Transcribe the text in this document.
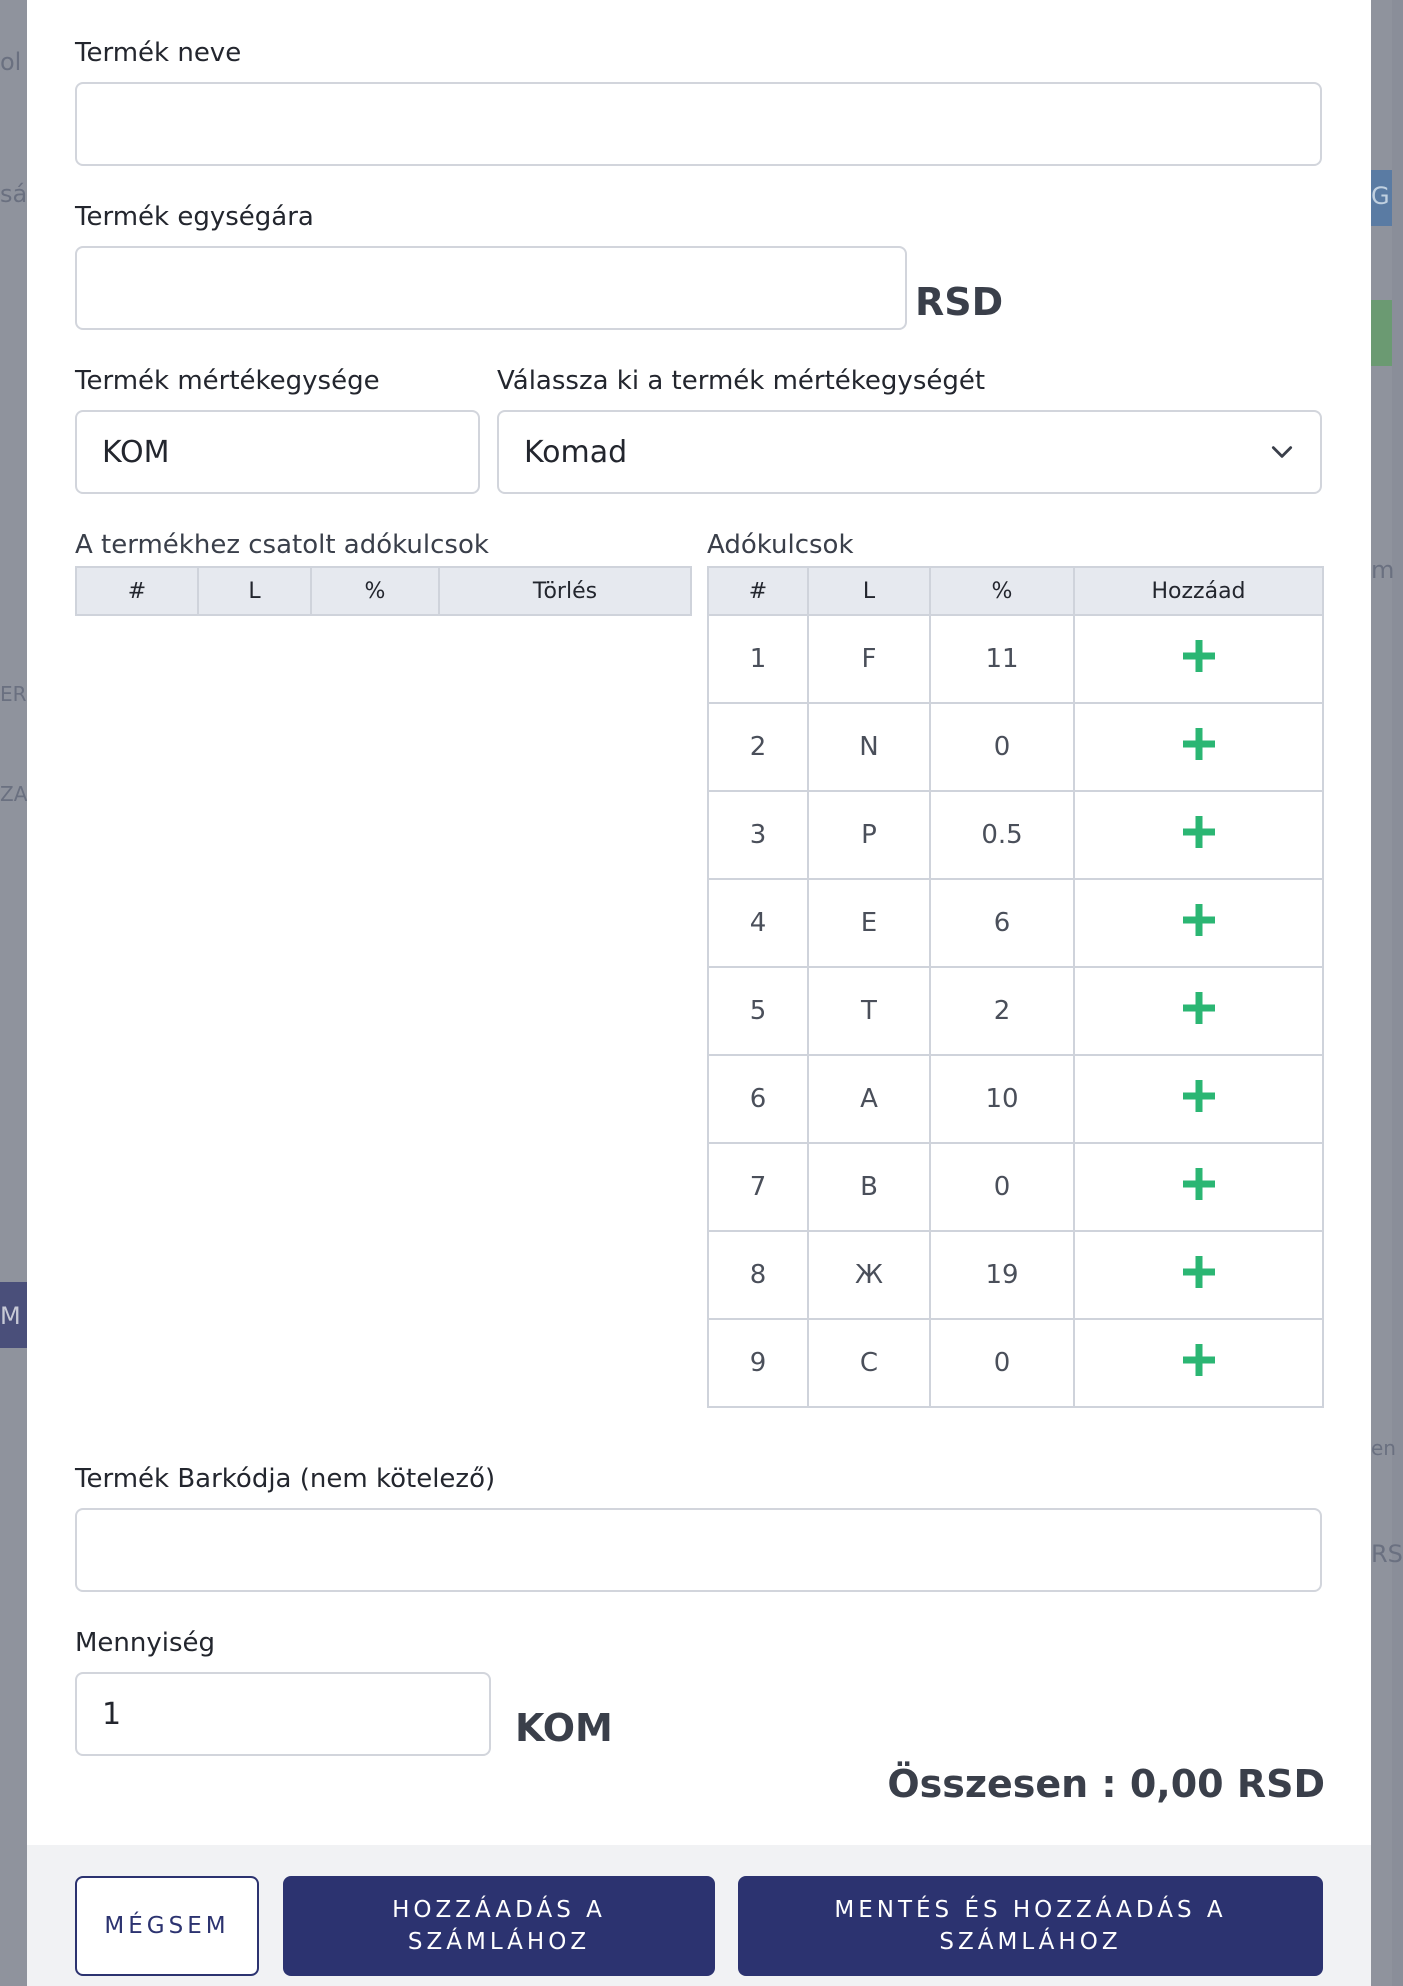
ol
sá
ER
ZA
M
G
m
en
RS
Termék neve
Termék egységára
RSD
Termék mértékegysége
KOM	Válassza ki a termék mértékegységét
Komad
A termékhez csatolt adókulcsok
#	L	%	Törlés
Adókulcsok
#	L	%	Hozzáad
1	F	11	
2	N	0	
3	P	0.5	
4	E	6	
5	T	2	
6	A	10	
7	B	0	
8	Ж	19	
9	C	0	
Termék Barkódja (nem kötelező)
Mennyiség
1
KOM
Összesen : 0,00 RSD
MÉGSEM
HOZZÁADÁS A
SZÁMLÁHOZ
MENTÉS ÉS HOZZÁADÁS A
SZÁMLÁHOZ
